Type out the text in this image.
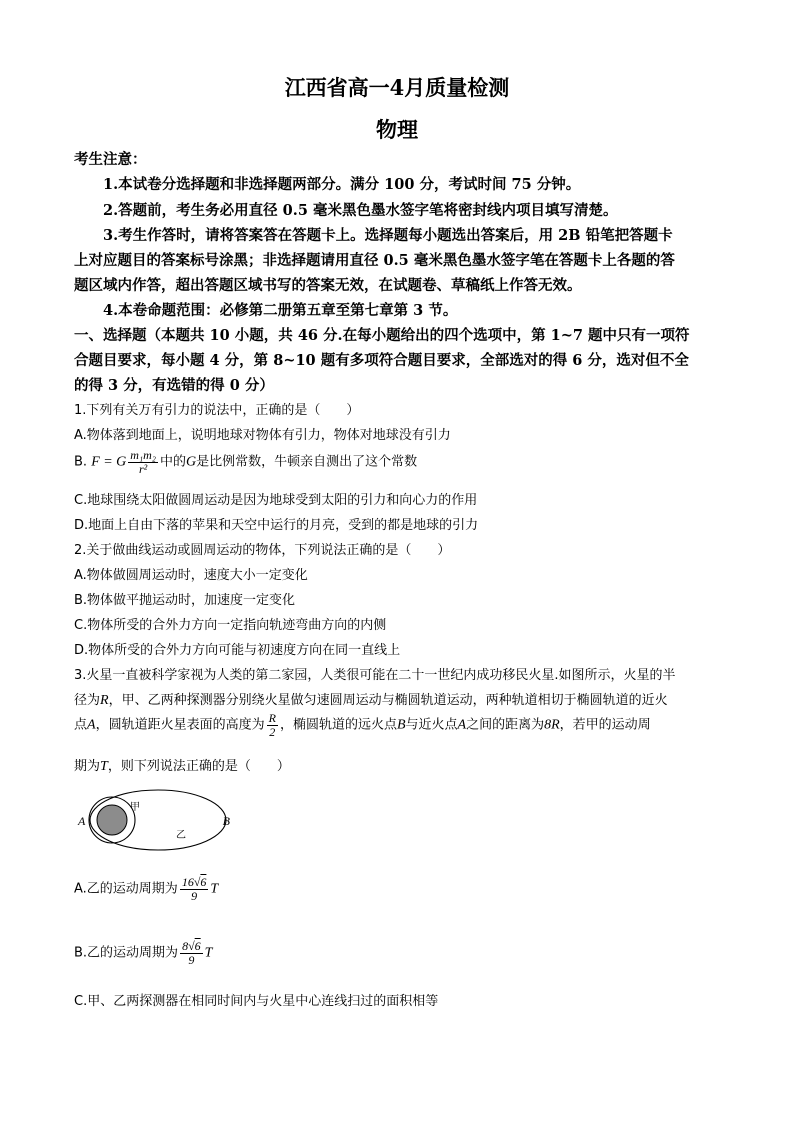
江西省高一4月质量检测
物理
考生注意：
1.本试卷分选择题和非选择题两部分。满分 100 分，考试时间 75 分钟。
2.答题前，考生务必用直径 0.5 毫米黑色墨水签字笔将密封线内项目填写清楚。
3.考生作答时，请将答案答在答题卡上。选择题每小题选出答案后，用 2B 铅笔把答题卡
上对应题目的答案标号涂黑；非选择题请用直径 0.5 毫米黑色墨水签字笔在答题卡上各题的答
题区域内作答，超出答题区域书写的答案无效，在试题卷、草稿纸上作答无效。
4.本卷命题范围：必修第二册第五章至第七章第 3 节。
一、选择题（本题共 10 小题，共 46 分.在每小题给出的四个选项中，第 1~7 题中只有一项符
合题目要求，每小题 4 分，第 8~10 题有多项符合题目要求，全部选对的得 6 分，选对但不全
的得 3 分，有选错的得 0 分）
1.下列有关万有引力的说法中，正确的是（　　）
A.物体落到地面上，说明地球对物体有引力，物体对地球没有引力
B. F = G $\frac{\text{m₁m₂}}{\text{r²}}$ 中的G是比例常数，牛顿亲自测出了这个常数
C.地球围绕太阳做圆周运动是因为地球受到太阳的引力和向心力的作用
D.地面上自由下落的苹果和天空中运行的月亮，受到的都是地球的引力
2.关于做曲线运动或圆周运动的物体，下列说法正确的是（　　）
A.物体做圆周运动时，速度大小一定变化
B.物体做平抛运动时，加速度一定变化
C.物体所受的合外力方向一定指向轨迹弯曲方向的内侧
D.物体所受的合外力方向可能与初速度方向在同一直线上
3.火星一直被科学家视为人类的第二家园，人类很可能在二十一世纪内成功移民火星.如图所示，火星的半
径为R，甲、乙两种探测器分别绕火星做匀速圆周运动与椭圆轨道运动，两种轨道相切于椭圆轨道的近火
点A，圆轨道距火星表面的高度为 $\frac{R}{2}$ ，椭圆轨道的远火点B与近火点A之间的距离为8R，若甲的运动周
期为T，则下列说法正确的是（　　）
A	B
甲
乙
A.乙的运动周期为 $\frac{16√6}{9}$ T
B.乙的运动周期为 $\frac{8√6}{9}$ T
C.甲、乙两探测器在相同时间内与火星中心连线扫过的面积相等
